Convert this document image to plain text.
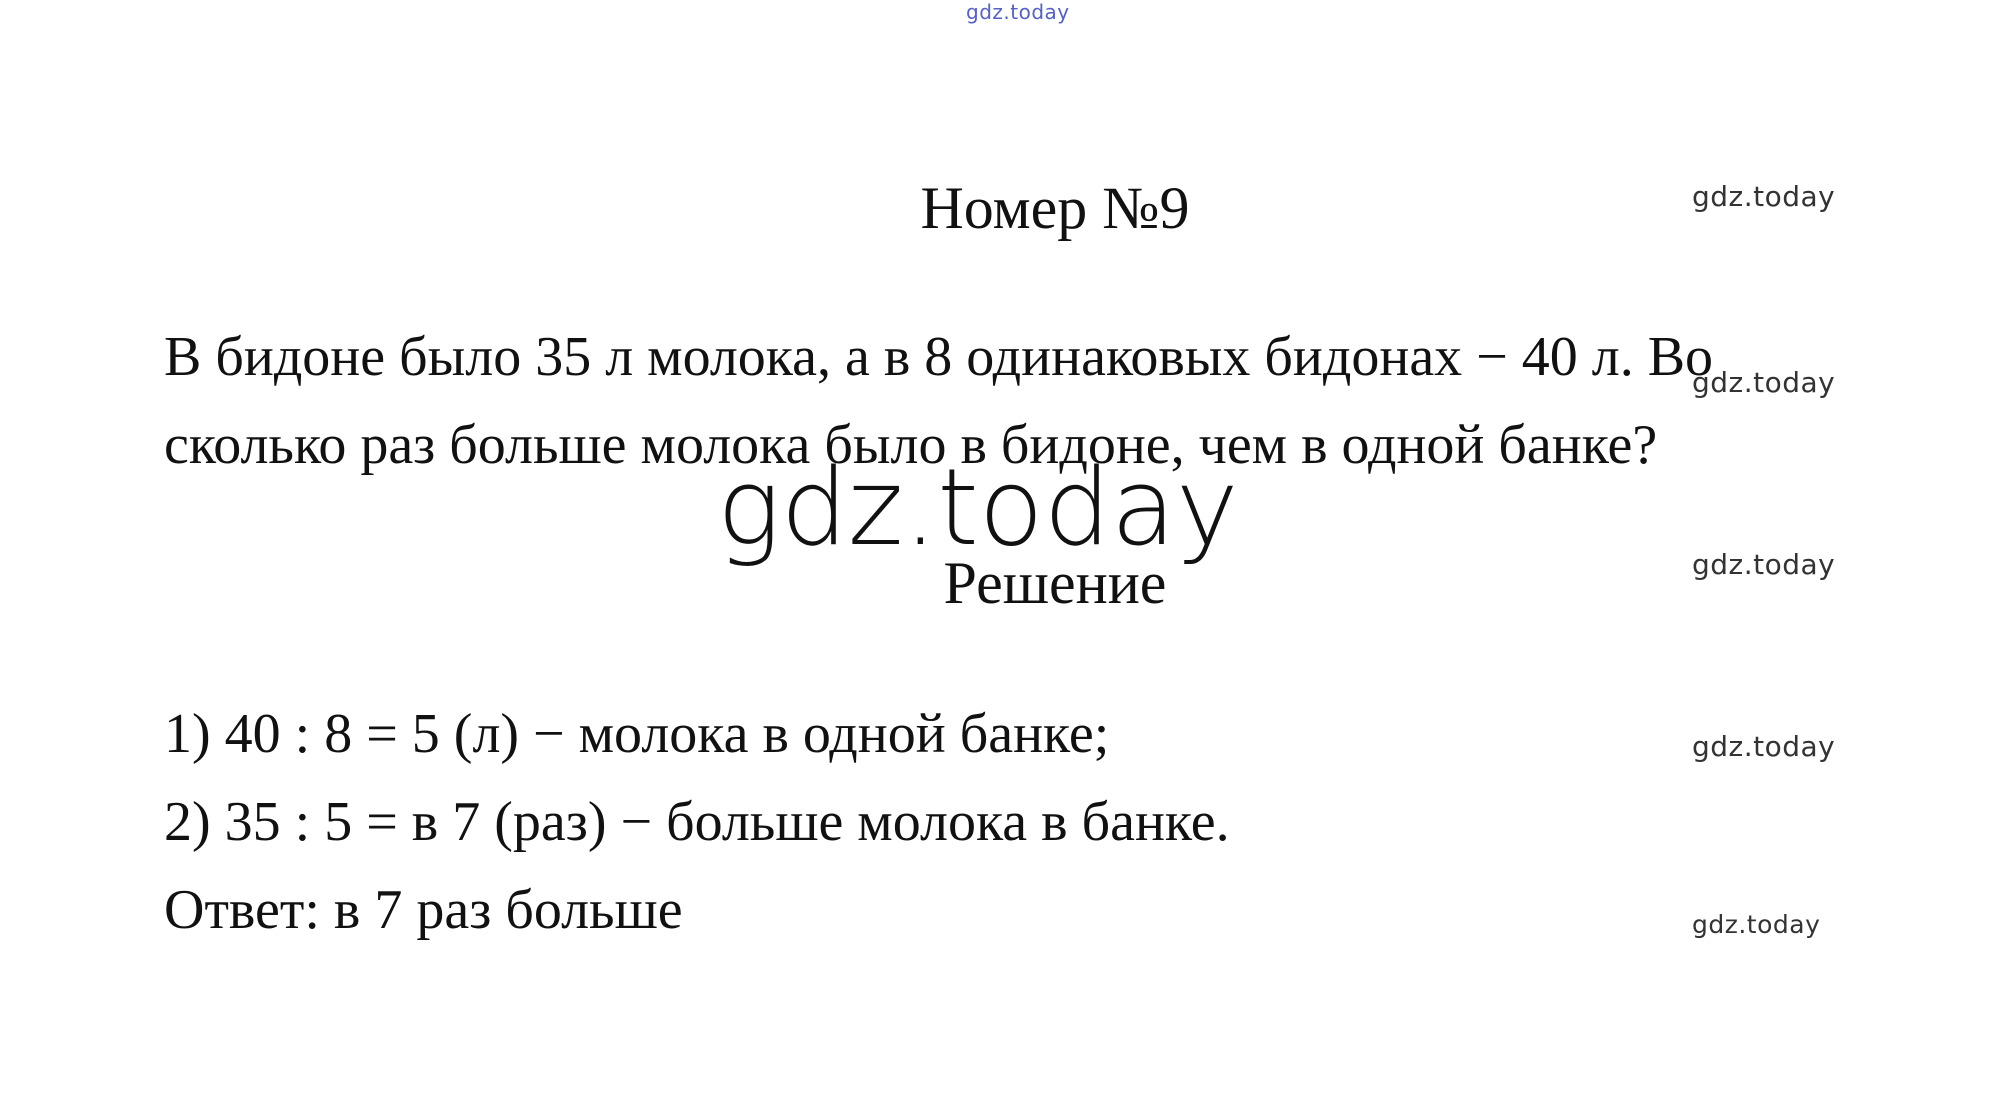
gdz.today
Номер №9	gdz.today
В бидоне было 35 л молока, а в 8 одинаковых бидонах − 40 л. Во
сколько раз больше молока было в бидоне, чем в одной банке?
gdz.today
gdz.today
Решение	gdz.today
1) 40 : 8 = 5 (л) − молока в одной банке;
2) 35 : 5 = в 7 (раз) − больше молока в банке.
Ответ: в 7 раз больше
gdz.today
gdz.today
